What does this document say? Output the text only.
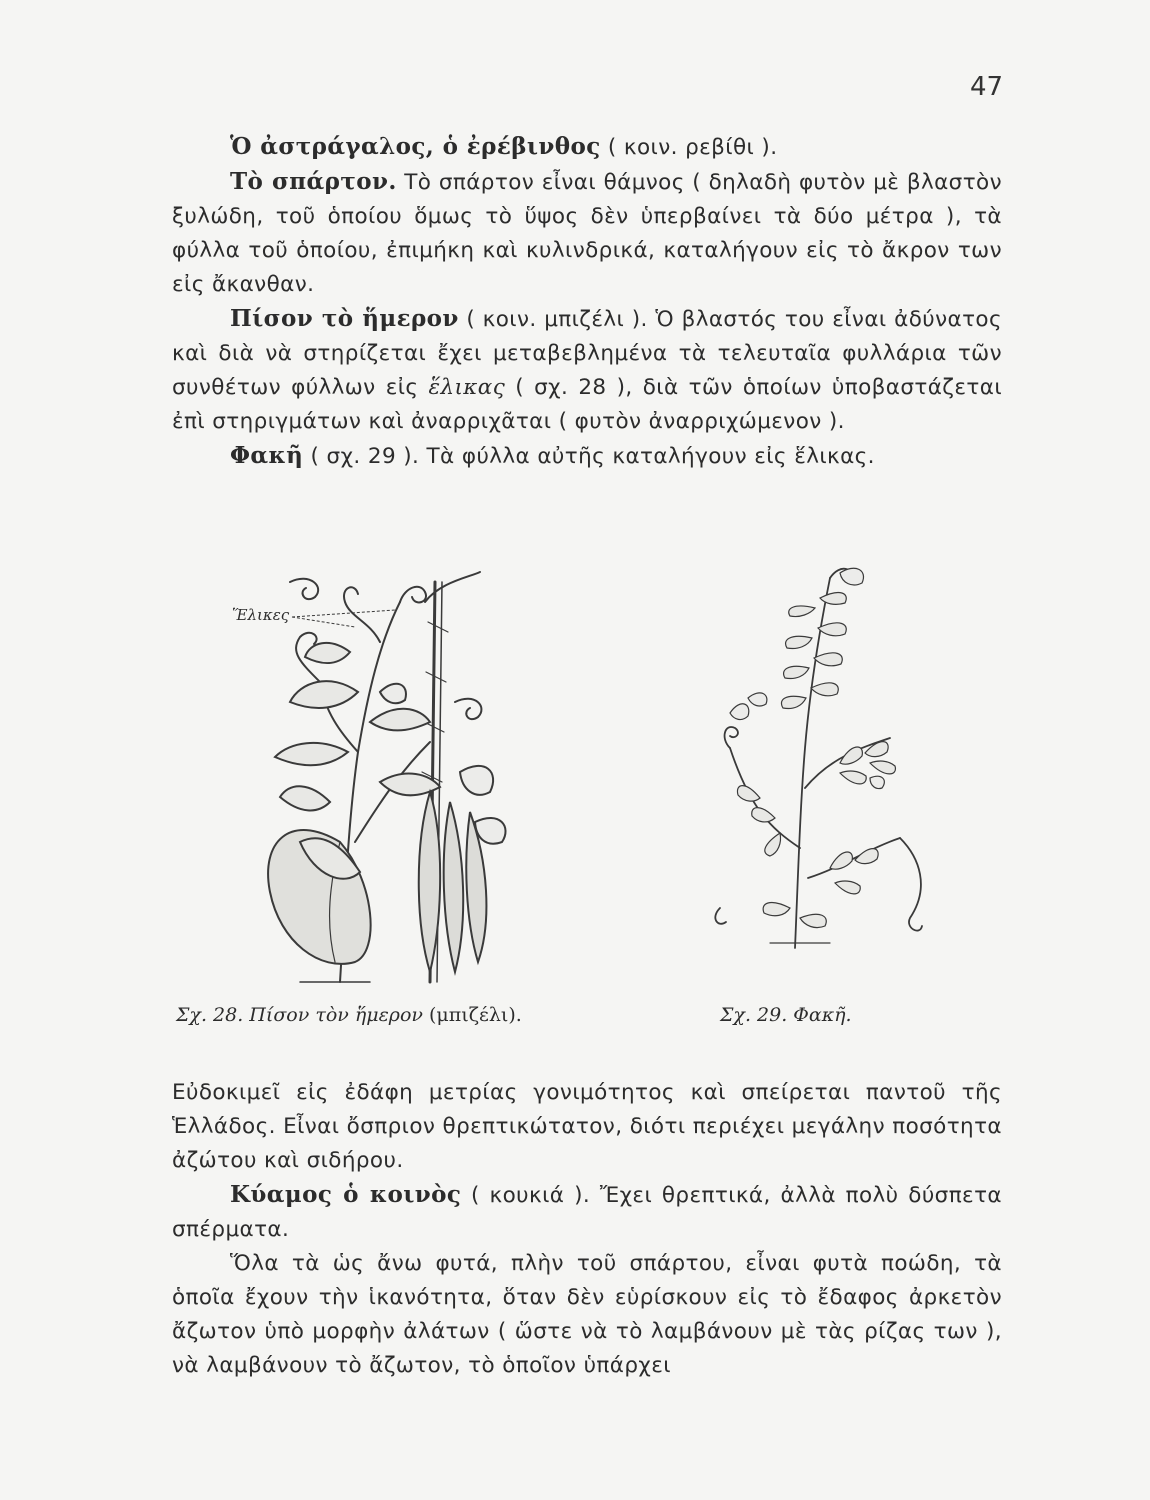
47

Ὁ ἀστράγαλος, ὁ ἐρέβινθος ( κοιν. ρεβίθι ).

Τὸ σπάρτον. Τὸ σπάρτον εἶναι θάμνος ( δηλαδὴ φυτὸν μὲ βλαστὸν ξυλώδη, τοῦ ὁποίου ὅμως τὸ ὕψος δὲν ὑπερβαίνει τὰ δύο μέτρα ), τὰ φύλλα τοῦ ὁποίου, ἐπιμήκη καὶ κυλινδρικά, καταλήγουν εἰς τὸ ἄκρον των εἰς ἄκανθαν.

Πίσον τὸ ἥμερον ( κοιν. μπιζέλι ). Ὁ βλαστός του εἶναι ἀδύνατος καὶ διὰ νὰ στηρίζεται ἔχει μεταβεβλημένα τὰ τελευταῖα φυλλάρια τῶν συνθέτων φύλλων εἰς ἕλικας ( σχ. 28 ), διὰ τῶν ὁποίων ὑποβαστάζεται ἐπὶ στηριγμάτων καὶ ἀναρριχᾶται ( φυτὸν ἀναρριχώμενον ).

Φακῆ ( σχ. 29 ). Τὰ φύλλα αὐτῆς καταλήγουν εἰς ἕλικας.

Ἕλικες
Σχ. 28. Πίσον τὸν ἥμερον (μπιζέλι).	Σχ. 29. Φακῆ.

Εὐδοκιμεῖ εἰς ἐδάφη μετρίας γονιμότητος καὶ σπείρεται παντοῦ τῆς Ἑλλάδος. Εἶναι ὄσπριον θρεπτικώτατον, διότι περιέχει μεγάλην ποσότητα ἀζώτου καὶ σιδήρου.

Κύαμος ὁ κοινὸς ( κουκιά ). Ἔχει θρεπτικά, ἀλλὰ πολὺ δύσπετα σπέρματα.

Ὅλα τὰ ὡς ἄνω φυτά, πλὴν τοῦ σπάρτου, εἶναι φυτὰ ποώδη, τὰ ὁποῖα ἔχουν τὴν ἱκανότητα, ὅταν δὲν εὑρίσκουν εἰς τὸ ἔδαφος ἀρκετὸν ἄζωτον ὑπὸ μορφὴν ἀλάτων ( ὥστε νὰ τὸ λαμβάνουν μὲ τὰς ρίζας των ), νὰ λαμβάνουν τὸ ἄζωτον, τὸ ὁποῖον ὑπάρχει
